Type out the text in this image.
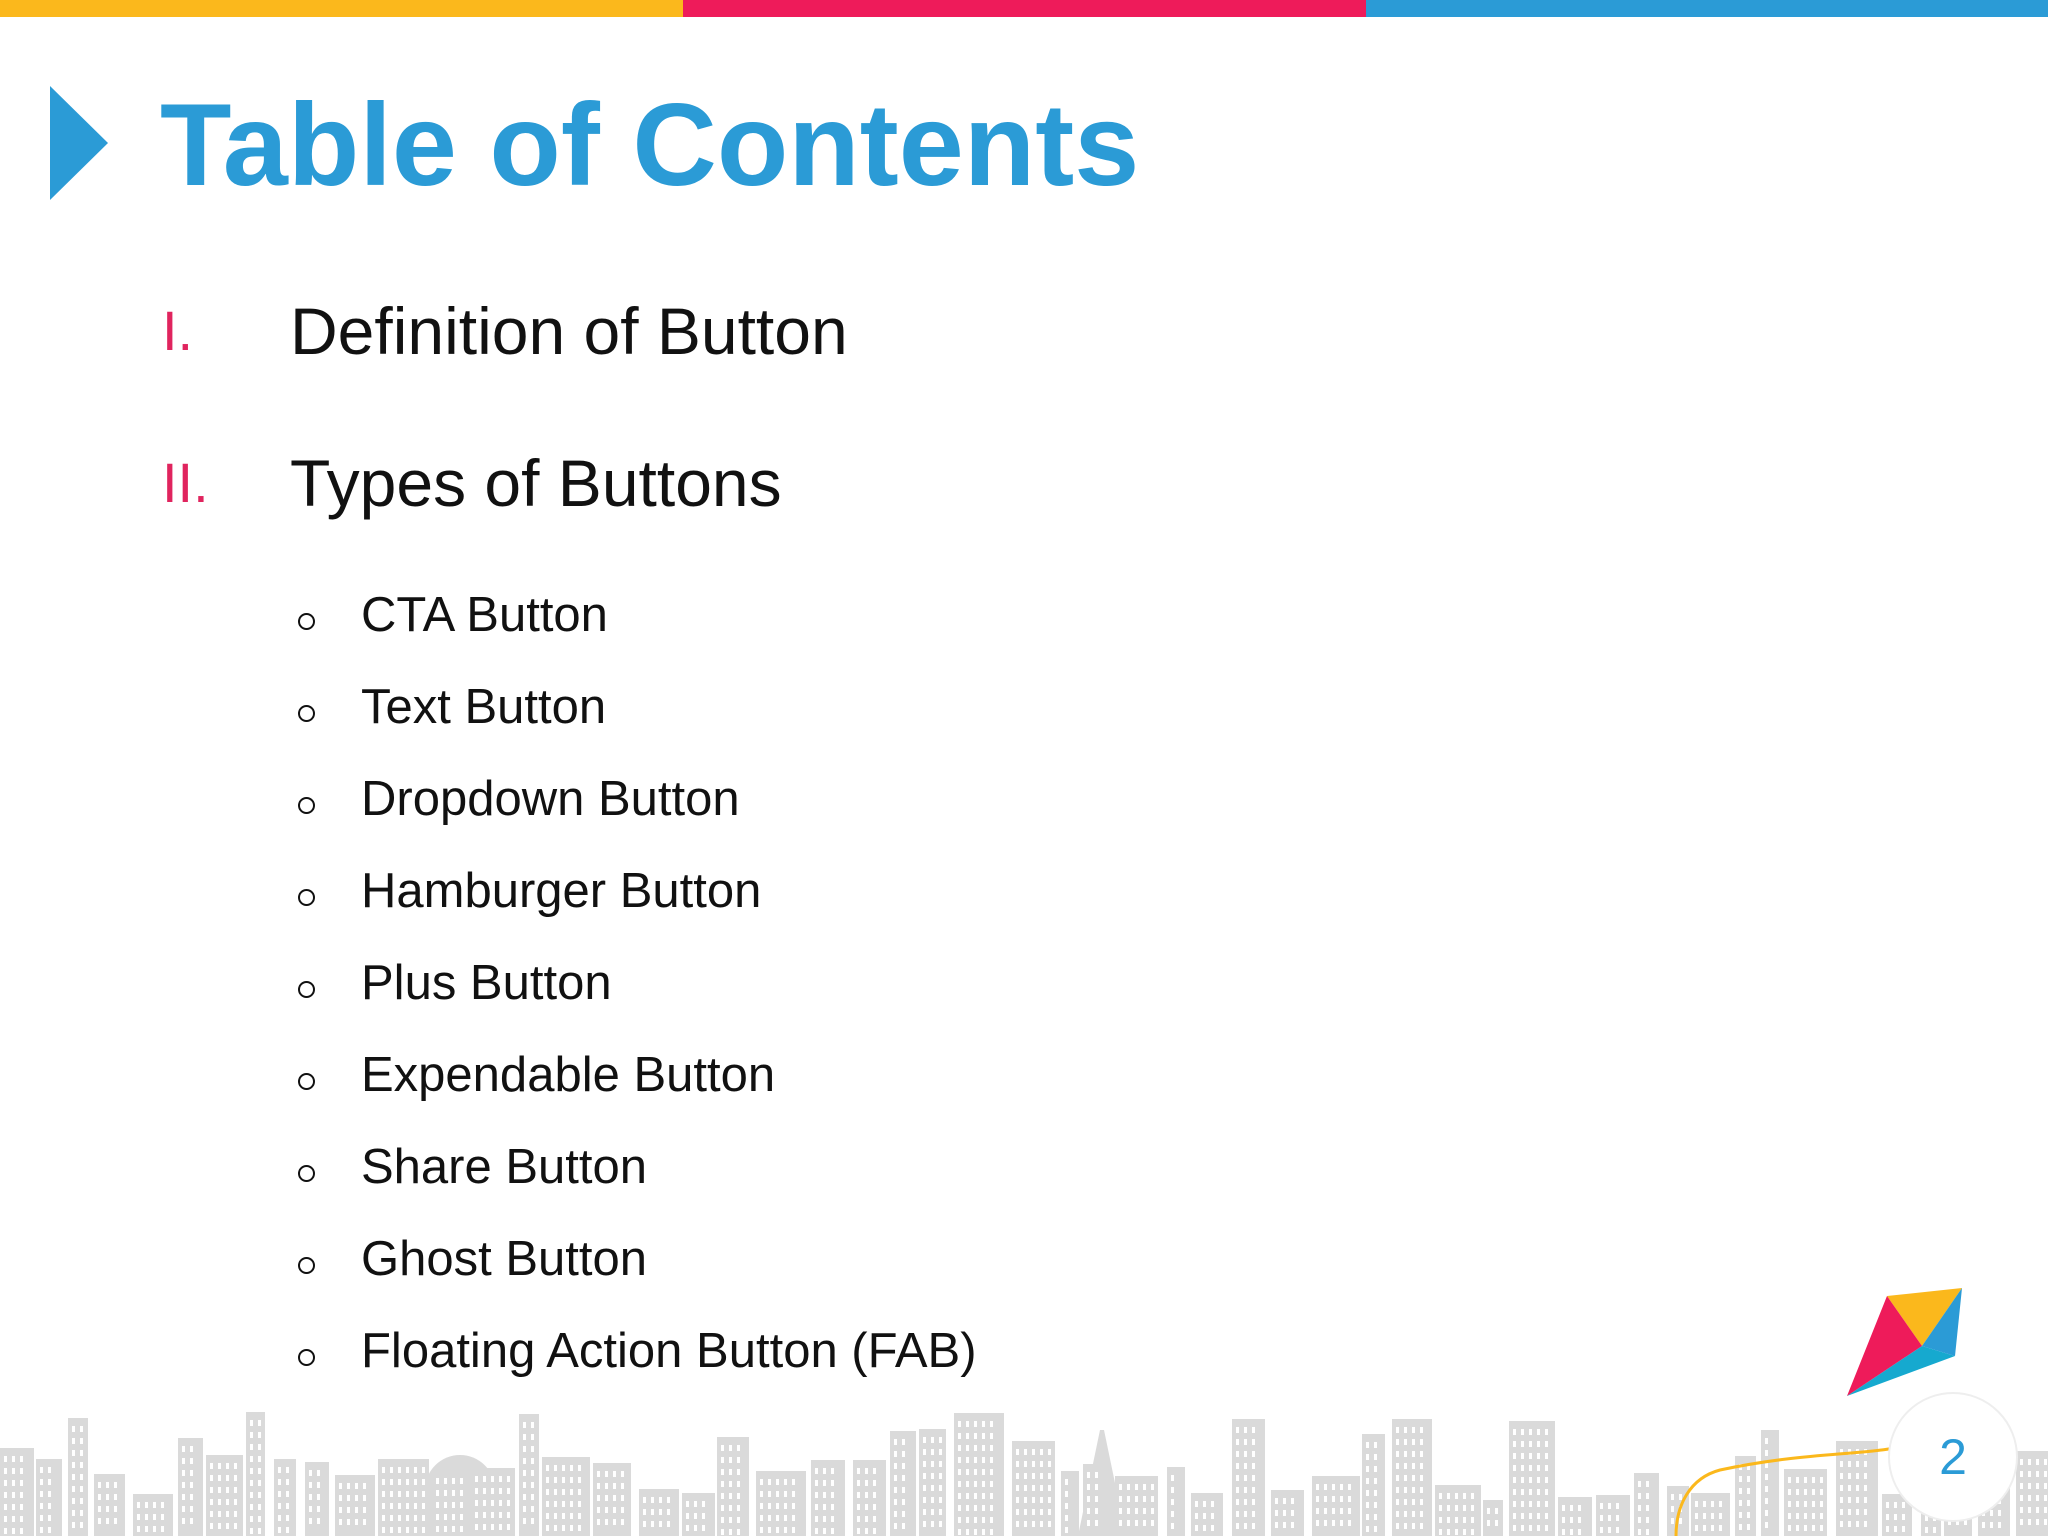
Table of Contents
I. Definition of Button
II. Types of Buttons
CTA Button
Text Button
Dropdown Button
Hamburger Button
Plus Button
Expendable Button
Share Button
Ghost Button
Floating Action Button (FAB)
2
